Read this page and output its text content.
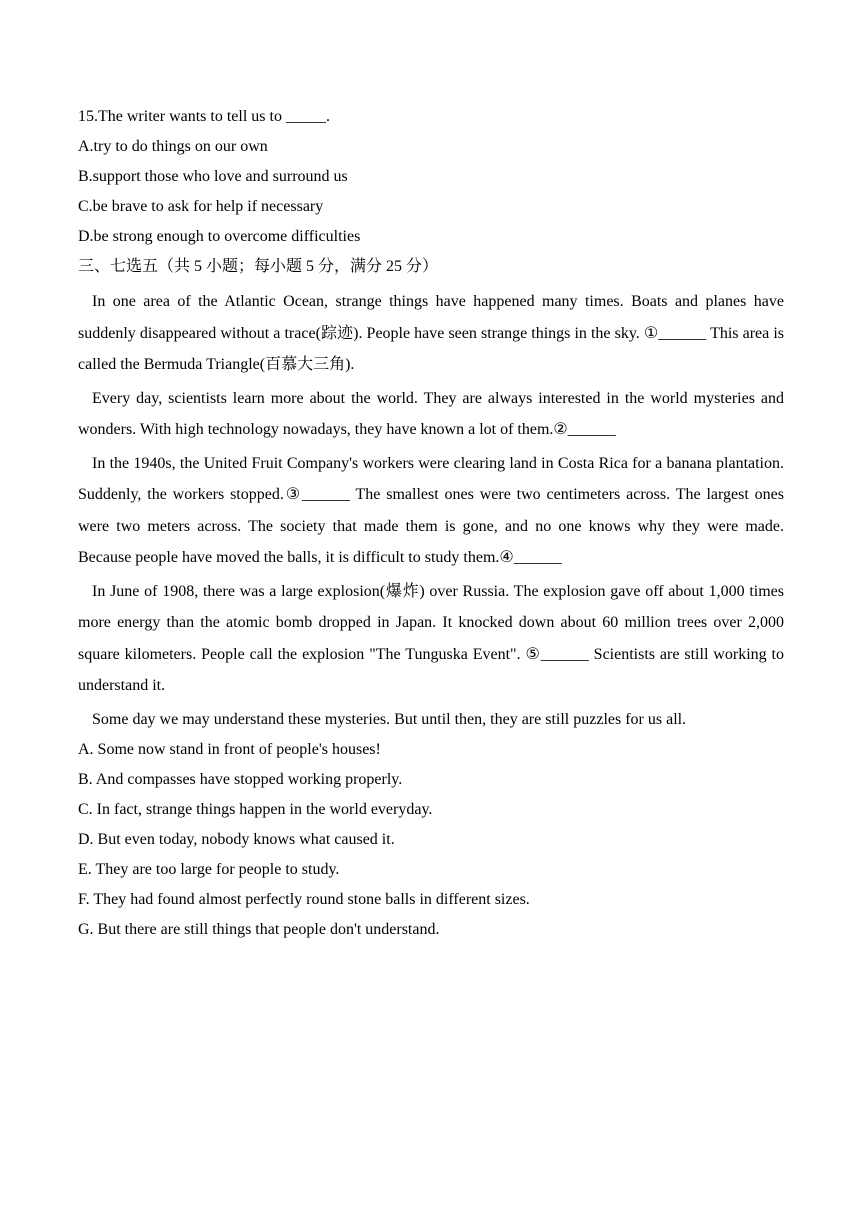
15.The writer wants to tell us to _____.

A.try to do things on our own

B.support those who love and surround us

C.be brave to ask for help if necessary

D.be strong enough to overcome difficulties

三、七选五（共 5 小题；每小题 5 分，满分 25 分）

In one area of the Atlantic Ocean, strange things have happened many times. Boats and planes have suddenly disappeared without a trace(踪迹). People have seen strange things in the sky. ①______ This area is called the Bermuda Triangle(百慕大三角).

Every day, scientists learn more about the world. They are always interested in the world mysteries and wonders. With high technology nowadays, they have known a lot of them.②______

In the 1940s, the United Fruit Company's workers were clearing land in Costa Rica for a banana plantation. Suddenly, the workers stopped.③______ The smallest ones were two centimeters across. The largest ones were two meters across. The society that made them is gone, and no one knows why they were made. Because people have moved the balls, it is difficult to study them.④______

In June of 1908, there was a large explosion(爆炸) over Russia. The explosion gave off about 1,000 times more energy than the atomic bomb dropped in Japan. It knocked down about 60 million trees over 2,000 square kilometers. People call the explosion "The Tunguska Event". ⑤______ Scientists are still working to understand it.

Some day we may understand these mysteries. But until then, they are still puzzles for us all.

A. Some now stand in front of people's houses!

B. And compasses have stopped working properly.

C. In fact, strange things happen in the world everyday.

D. But even today, nobody knows what caused it.

E. They are too large for people to study.

F. They had found almost perfectly round stone balls in different sizes.

G. But there are still things that people don't understand.
